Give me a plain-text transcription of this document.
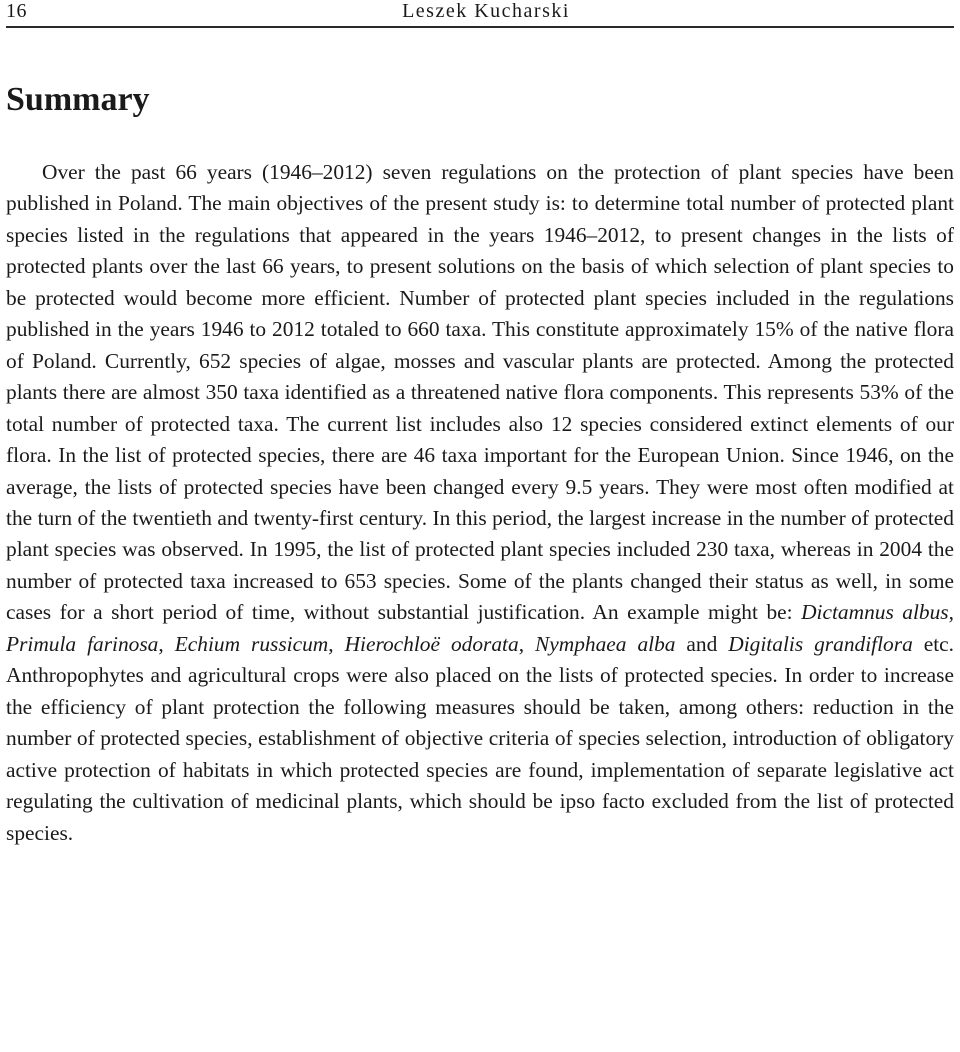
16	Leszek Kucharski
Summary

Over the past 66 years (1946–2012) seven regulations on the protection of plant species have been published in Poland. The main objectives of the present study is: to determine total number of protected plant species listed in the regulations that appeared in the years 1946–2012, to present changes in the lists of protected plants over the last 66 years, to present solutions on the basis of which selection of plant species to be protected would become more efficient. Number of protected plant species included in the regulations published in the years 1946 to 2012 totaled to 660 taxa. This constitute approximately 15% of the native flora of Poland. Currently, 652 species of algae, mosses and vascular plants are protected. Among the protected plants there are almost 350 taxa identified as a threatened native flora components. This represents 53% of the total number of protected taxa. The current list includes also 12 species considered extinct elements of our flora. In the list of protected species, there are 46 taxa important for the European Union. Since 1946, on the average, the lists of protected species have been changed every 9.5 years. They were most often modified at the turn of the twentieth and twenty-first century. In this period, the largest increase in the number of protected plant species was observed. In 1995, the list of protected plant species included 230 taxa, whereas in 2004 the number of protected taxa increased to 653 species. Some of the plants changed their status as well, in some cases for a short period of time, without substantial justification. An example might be: Dictamnus albus, Primula farinosa, Echium russicum, Hierochloë odorata, Nymphaea alba and Digitalis grandiflora etc. Anthropophytes and agricultural crops were also placed on the lists of protected species. In order to increase the efficiency of plant protection the following measures should be taken, among others: reduction in the number of protected species, establishment of objective criteria of species selection, introduction of obligatory active protection of habitats in which protected species are found, implementation of separate legislative act regulating the cultivation of medicinal plants, which should be ipso facto excluded from the list of protected species.
